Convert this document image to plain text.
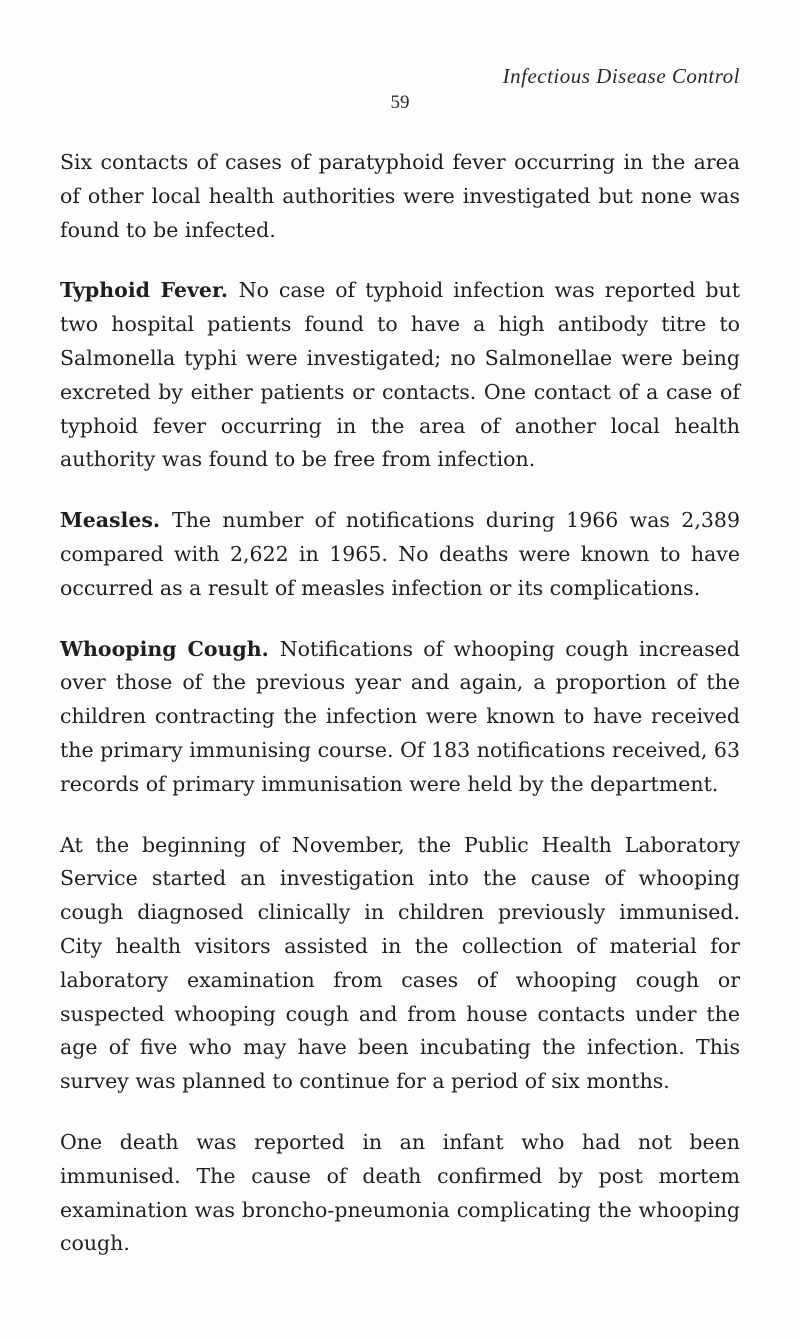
Infectious Disease Control
59

Six contacts of cases of paratyphoid fever occurring in the area of other local health authorities were investigated but none was found to be infected.

Typhoid Fever. No case of typhoid infection was reported but two hospital patients found to have a high antibody titre to Salmonella typhi were investigated; no Salmonellae were being excreted by either patients or contacts. One contact of a case of typhoid fever occurring in the area of another local health authority was found to be free from infection.

Measles. The number of notifications during 1966 was 2,389 compared with 2,622 in 1965. No deaths were known to have occurred as a result of measles infection or its complications.

Whooping Cough. Notifications of whooping cough increased over those of the previous year and again, a proportion of the children contracting the infection were known to have received the primary immunising course. Of 183 notifications received, 63 records of primary immunisation were held by the department.

At the beginning of November, the Public Health Laboratory Service started an investigation into the cause of whooping cough diagnosed clinically in children previously immunised. City health visitors assisted in the collection of material for laboratory examination from cases of whooping cough or suspected whooping cough and from house contacts under the age of five who may have been incubating the infection. This survey was planned to continue for a period of six months.

One death was reported in an infant who had not been immunised. The cause of death confirmed by post mortem examination was broncho-pneumonia complicating the whooping cough.
